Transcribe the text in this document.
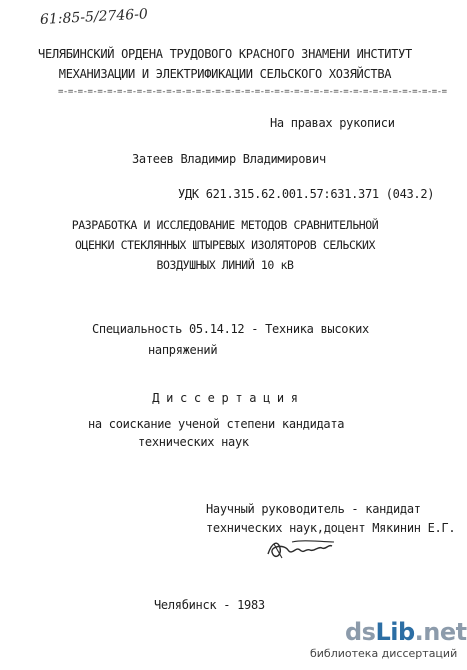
61:85-5/2746-0
ЧЕЛЯБИНСКИЙ ОРДЕНА ТРУДОВОГО КРАСНОГО ЗНАМЕНИ ИНСТИТУТ
МЕХАНИЗАЦИИ И ЭЛЕКТРИФИКАЦИИ СЕЛЬСКОГО ХОЗЯЙСТВА
=-=-=-=-=-=-=-=-=-=-=-=-=-=-=-=-=-=-=-=-=-=-=-=-=-=-=-=-=-=-=-=-=-=-=-=-=-=-=-=
На правах рукописи
Затеев Владимир Владимирович
УДК 621.315.62.001.57:631.371 (043.2)
РАЗРАБОТКА И ИССЛЕДОВАНИЕ МЕТОДОВ СРАВНИТЕЛЬНОЙ
ОЦЕНКИ СТЕКЛЯННЫХ ШТЫРЕВЫХ ИЗОЛЯТОРОВ СЕЛЬСКИХ
ВОЗДУШНЫХ ЛИНИЙ 10 кВ
Специальность 05.14.12 - Техника высоких
напряжений
Д и с с е р т а ц и я
на соискание ученой степени кандидата
технических наук
Научный руководитель - кандидат
технических наук,доцент Мякинин Е.Г.
Челябинск - 1983
dsLib.net
библиотека диссертаций
